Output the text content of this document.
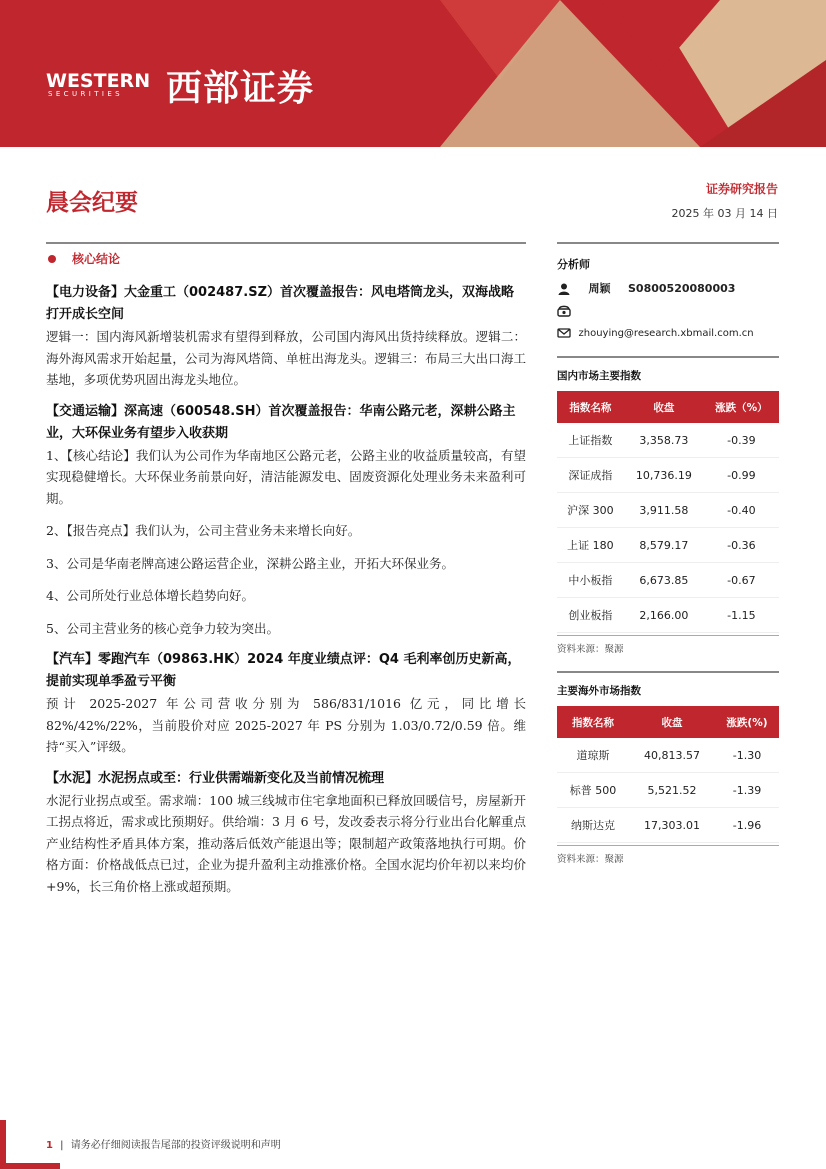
WESTERN
SECURITIES 西部证券
晨会纪要	证券研究报告
2025 年 03 月 14 日
核心结论
【电力设备】大金重工（002487.SZ）首次覆盖报告：风电塔筒龙头，双海战略打开成长空间
逻辑一：国内海风新增装机需求有望得到释放，公司国内海风出货持续释放。逻辑二：海外海风需求开始起量，公司为海风塔筒、单桩出海龙头。逻辑三：布局三大出口海工基地，多项优势巩固出海龙头地位。
【交通运输】深高速（600548.SH）首次覆盖报告：华南公路元老，深耕公路主业，大环保业务有望步入收获期
1、【核心结论】我们认为公司作为华南地区公路元老，公路主业的收益质量较高，有望实现稳健增长。大环保业务前景向好，清洁能源发电、固废资源化处理业务未来盈利可期。
2、【报告亮点】我们认为，公司主营业务未来增长向好。
3、公司是华南老牌高速公路运营企业，深耕公路主业，开拓大环保业务。
4、公司所处行业总体增长趋势向好。
5、公司主营业务的核心竞争力较为突出。
【汽车】零跑汽车（09863.HK）2024 年度业绩点评：Q4 毛利率创历史新高，提前实现单季盈亏平衡
预计 2025-2027 年公司营收分别为 586/831/1016 亿元，同比增长82%/42%/22%，当前股价对应 2025-2027 年 PS 分别为 1.03/0.72/0.59 倍。维持“买入”评级。
【水泥】水泥拐点或至：行业供需端新变化及当前情况梳理
水泥行业拐点或至。需求端：100 城三线城市住宅拿地面积已释放回暖信号，房屋新开工拐点将近，需求或比预期好。供给端：3 月 6 号，发改委表示将分行业出台化解重点产业结构性矛盾具体方案，推动落后低效产能退出等；限制超产政策落地执行可期。价格方面：价格战低点已过，企业为提升盈利主动推涨价格。全国水泥均价年初以来均价+9%，长三角价格上涨或超预期。
分析师
周颖 S0800520080003
zhouying@research.xbmail.com.cn
国内市场主要指数
指数名称	收盘	涨跌（%）
上证指数	3,358.73	-0.39
深证成指	10,736.19	-0.99
沪深 300	3,911.58	-0.40
上证 180	8,579.17	-0.36
中小板指	6,673.85	-0.67
创业板指	2,166.00	-1.15
资料来源：聚源
主要海外市场指数
指数名称	收盘	涨跌(%)
道琼斯	40,813.57	-1.30
标普 500	5,521.52	-1.39
纳斯达克	17,303.01	-1.96
资料来源：聚源
1 | 请务必仔细阅读报告尾部的投资评级说明和声明
